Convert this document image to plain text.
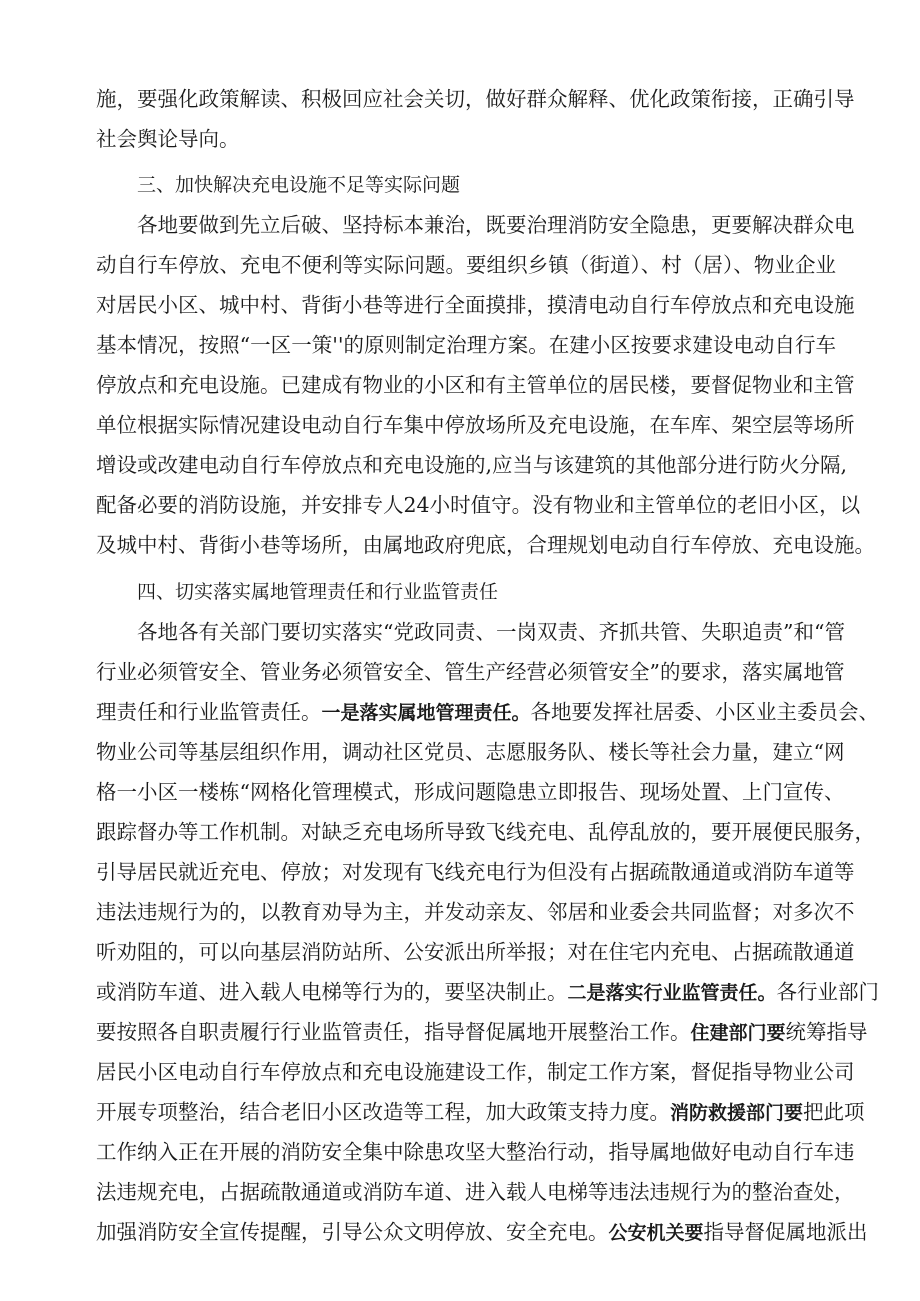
施，要强化政策解读、积极回应社会关切，做好群众解释、优化政策衔接，正确引导
社会舆论导向。
三、加快解决充电设施不足等实际问题
各地要做到先立后破、坚持标本兼治，既要治理消防安全隐患，更要解决群众电
动自行车停放、充电不便利等实际问题。要组织乡镇（街道）、村（居）、物业企业
对居民小区、城中村、背街小巷等进行全面摸排，摸清电动自行车停放点和充电设施
基本情况，按照“一区一策''的原则制定治理方案。在建小区按要求建设电动自行车
停放点和充电设施。已建成有物业的小区和有主管单位的居民楼，要督促物业和主管
单位根据实际情况建设电动自行车集中停放场所及充电设施，在车库、架空层等场所
增设或改建电动自行车停放点和充电设施的,应当与该建筑的其他部分进行防火分隔,
配备必要的消防设施，并安排专人24小时值守。没有物业和主管单位的老旧小区，以
及城中村、背街小巷等场所，由属地政府兜底，合理规划电动自行车停放、充电设施。
四、切实落实属地管理责任和行业监管责任
各地各有关部门要切实落实“党政同责、一岗双责、齐抓共管、失职追责”和“管
行业必须管安全、管业务必须管安全、管生产经营必须管安全”的要求，落实属地管
理责任和行业监管责任。一是落实属地管理责任。各地要发挥社居委、小区业主委员会、
物业公司等基层组织作用，调动社区党员、志愿服务队、楼长等社会力量，建立“网
格一小区一楼栋“网格化管理模式，形成问题隐患立即报告、现场处置、上门宣传、
跟踪督办等工作机制。对缺乏充电场所导致飞线充电、乱停乱放的，要开展便民服务，
引导居民就近充电、停放；对发现有飞线充电行为但没有占据疏散通道或消防车道等
违法违规行为的，以教育劝导为主，并发动亲友、邻居和业委会共同监督；对多次不
听劝阻的，可以向基层消防站所、公安派出所举报；对在住宅内充电、占据疏散通道
或消防车道、进入载人电梯等行为的，要坚决制止。二是落实行业监管责任。各行业部门
要按照各自职责履行行业监管责任，指导督促属地开展整治工作。住建部门要统筹指导
居民小区电动自行车停放点和充电设施建设工作，制定工作方案，督促指导物业公司
开展专项整治，结合老旧小区改造等工程，加大政策支持力度。消防救援部门要把此项
工作纳入正在开展的消防安全集中除患攻坚大整治行动，指导属地做好电动自行车违
法违规充电，占据疏散通道或消防车道、进入载人电梯等违法违规行为的整治查处，
加强消防安全宣传提醒，引导公众文明停放、安全充电。公安机关要指导督促属地派出
